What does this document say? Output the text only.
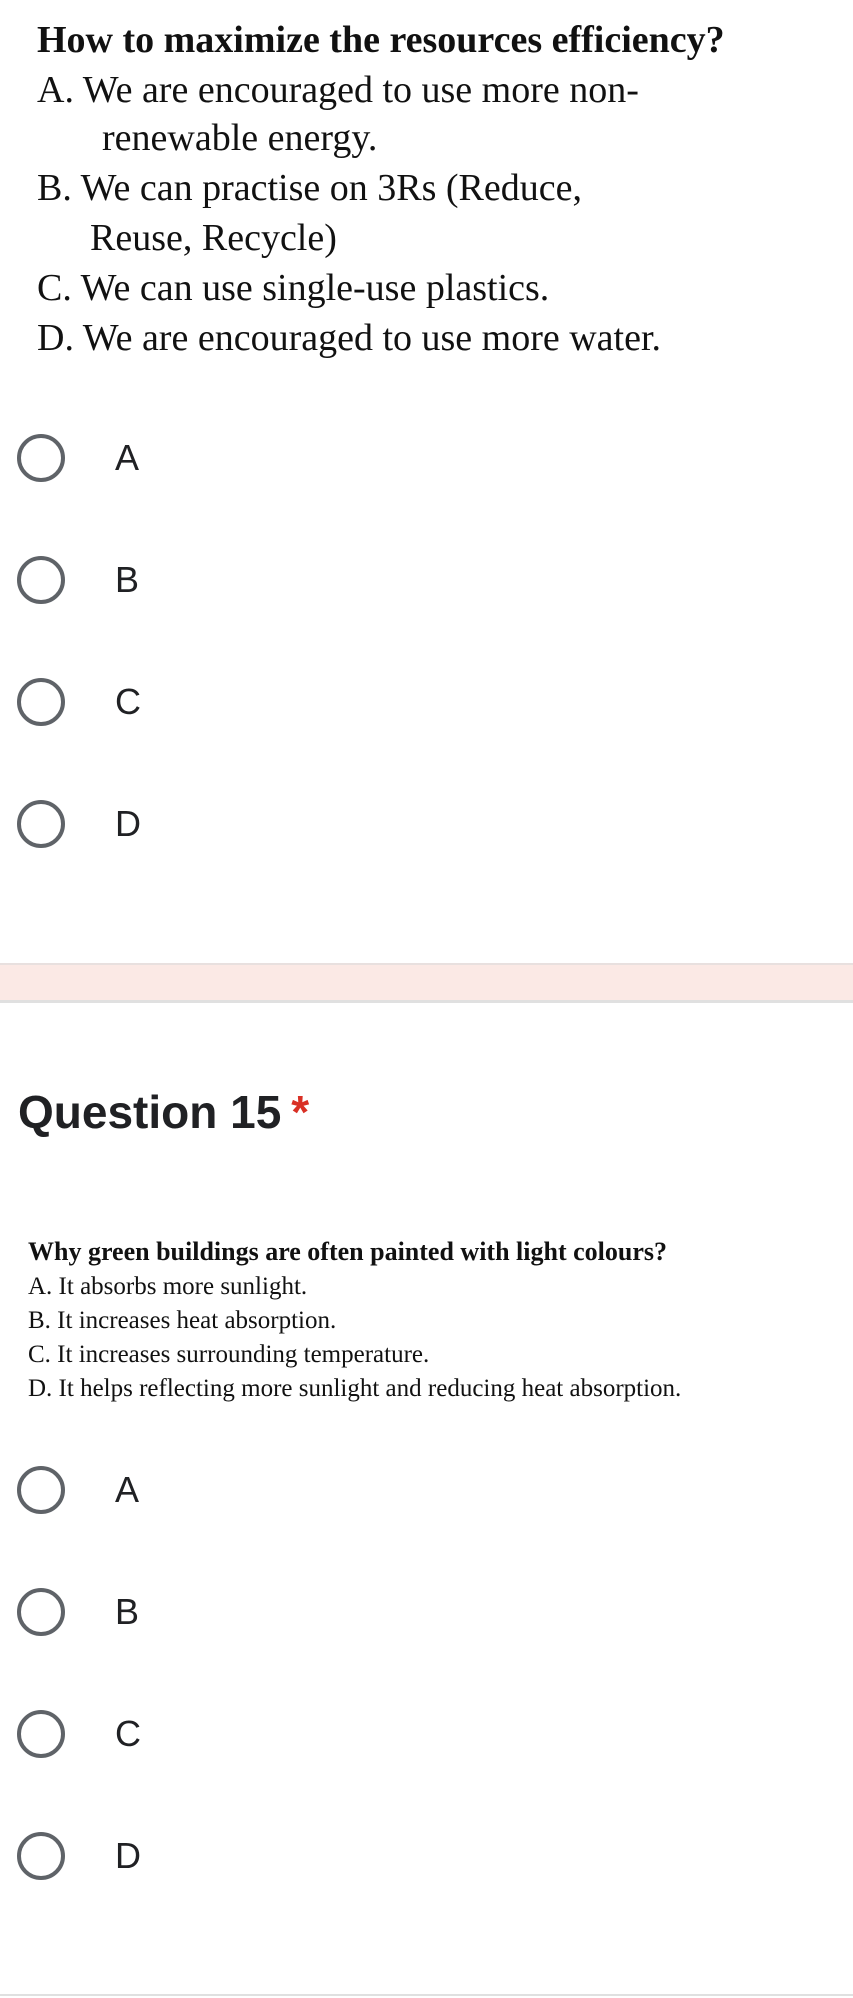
How to maximize the resources efficiency?
A. We are encouraged to use more non-
renewable energy.
B. We can practise on 3Rs (Reduce,
Reuse, Recycle)
C. We can use single-use plastics.
D. We are encouraged to use more water.
A
B
C
D
Question 15 *
Why green buildings are often painted with light colours?
A. It absorbs more sunlight.
B. It increases heat absorption.
C. It increases surrounding temperature.
D. It helps reflecting more sunlight and reducing heat absorption.
A
B
C
D
